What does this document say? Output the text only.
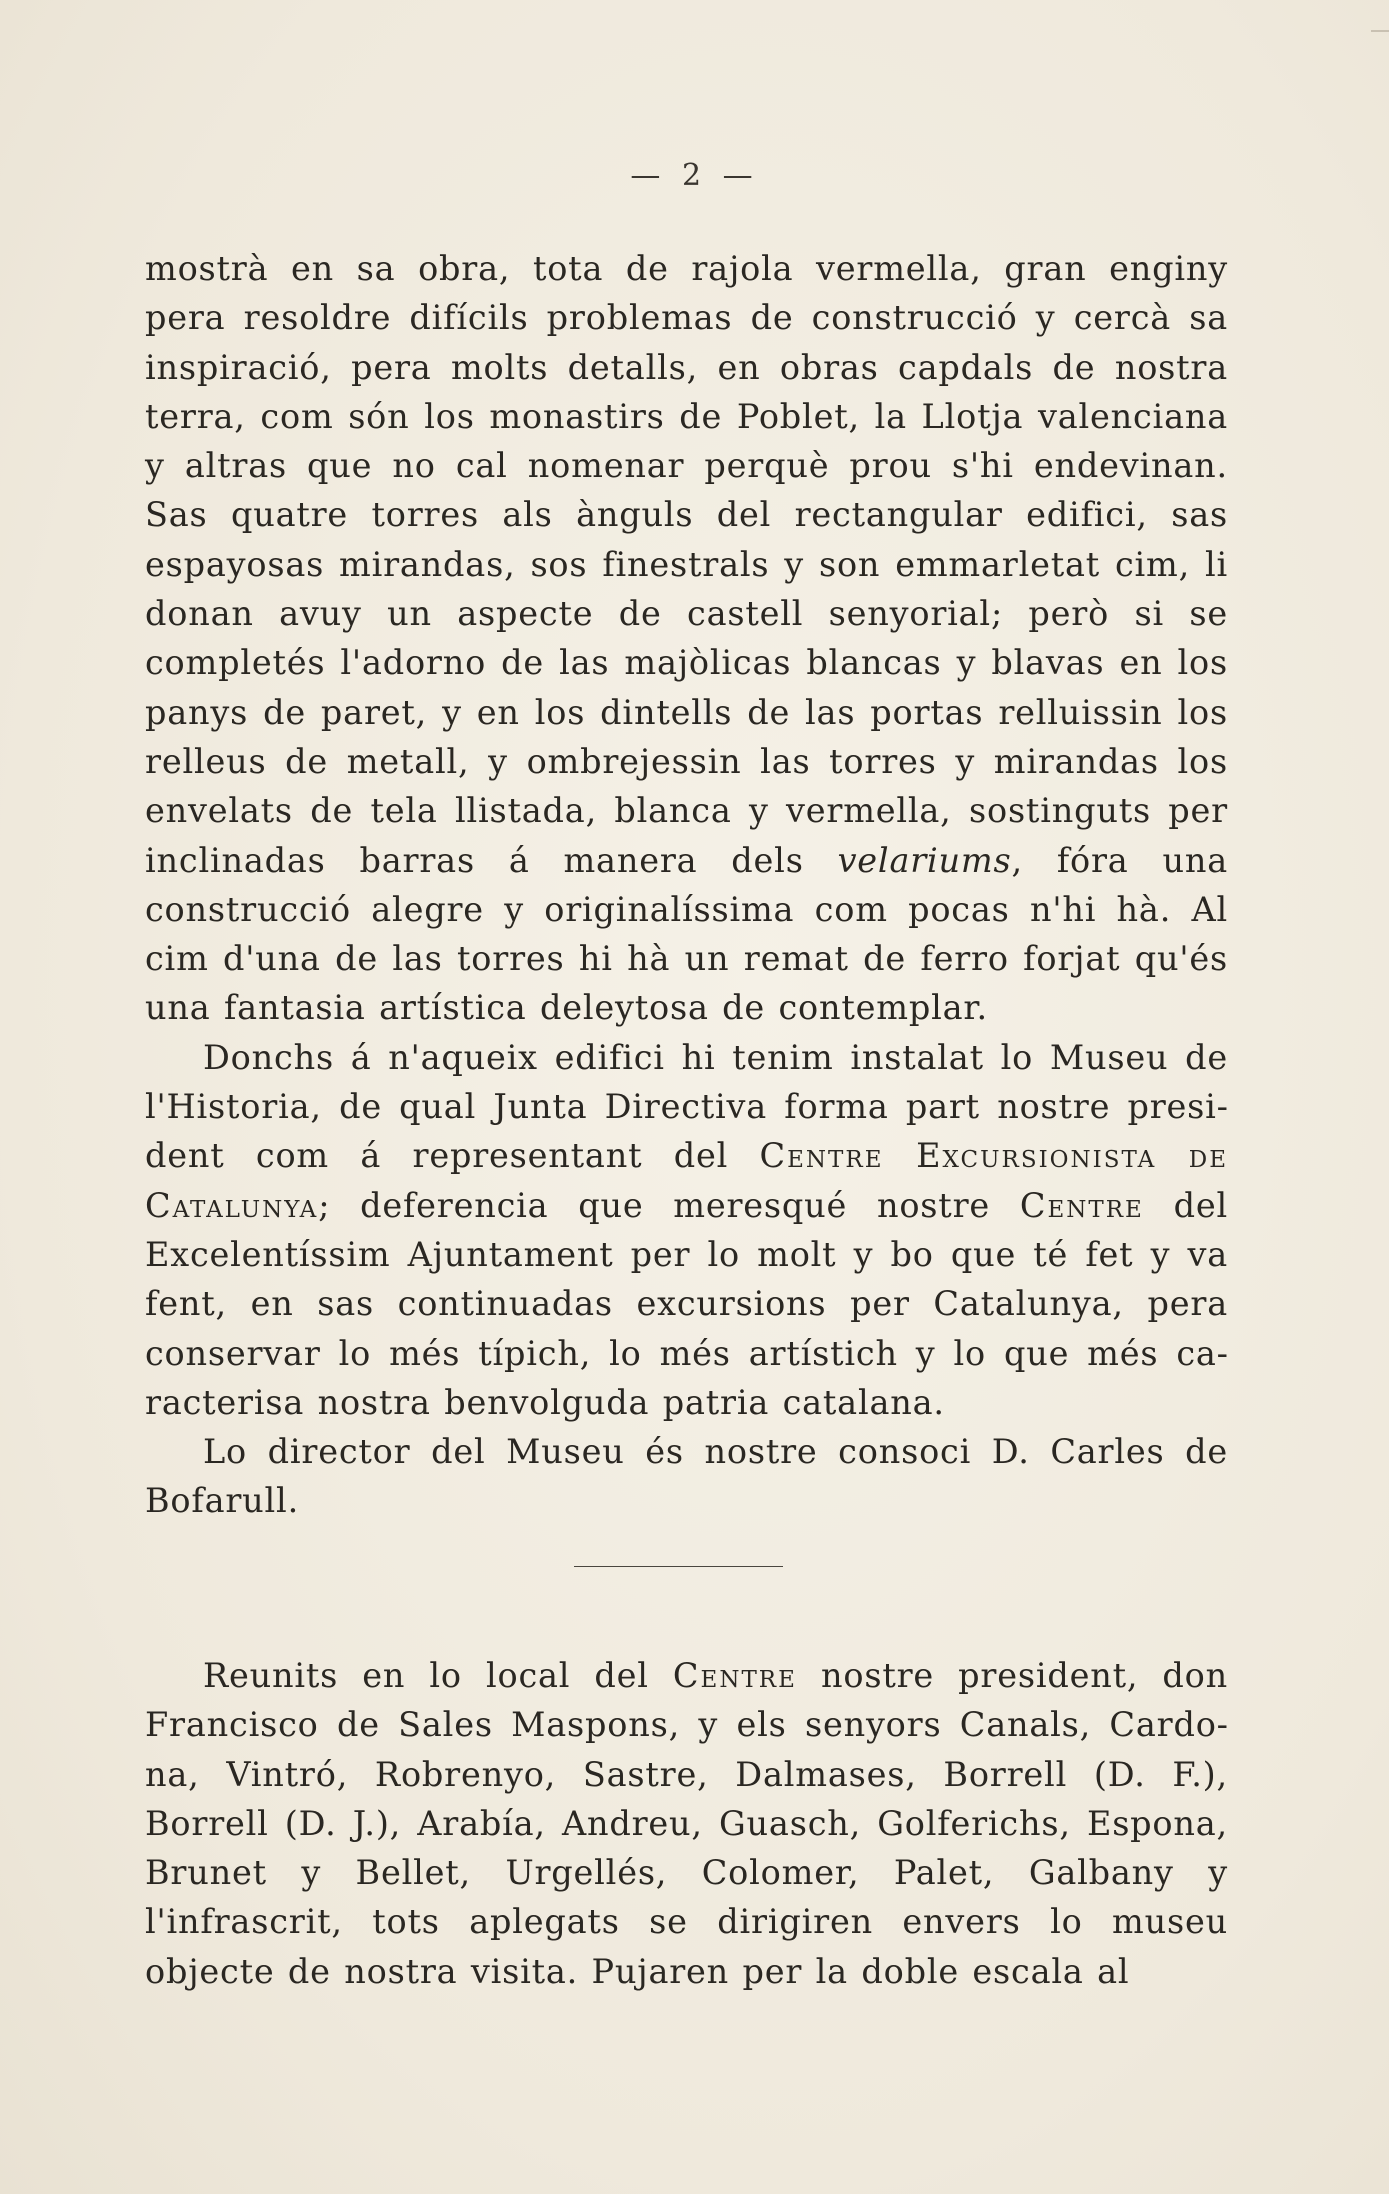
— 2 —

mostrà en sa obra, tota de rajola vermella, gran enginy pera resoldre difícils problemas de construcció y cercà sa inspiració, pera molts detalls, en obras capdals de nostra terra, com són los monastirs de Poblet, la Llotja valenciana y altras que no cal nomenar perquè prou s'hi endevinan. Sas quatre torres als ànguls del rectangular edifici, sas espayosas mirandas, sos finestrals y son emmarletat cim, li donan avuy un aspecte de castell senyorial; però si se completés l'adorno de las majòlicas blancas y blavas en los panys de paret, y en los dintells de las portas relluissin los relleus de metall, y ombrejessin las torres y mirandas los envelats de tela llistada, blanca y vermella, sostinguts per inclinadas barras á manera dels velariums, fóra una construcció alegre y originalíssima com pocas n'hi hà. Al cim d'una de las torres hi hà un remat de ferro forjat qu'és una fantasia artística deleytosa de contemplar.

Donchs á n'aqueix edifici hi tenim instalat lo Museu de l'Historia, de qual Junta Directiva forma part nostre president com á representant del Centre Excursionista de Catalunya; deferencia que meresqué nostre Centre del Excelentíssim Ajuntament per lo molt y bo que té fet y va fent, en sas continuadas excursions per Catalunya, pera conservar lo més típich, lo més artístich y lo que més caracterisa nostra benvolguda patria catalana.

Lo director del Museu és nostre consoci D. Carles de Bofarull.

Reunits en lo local del Centre nostre president, don Francisco de Sales Maspons, y els senyors Canals, Cardona, Vintró, Robrenyo, Sastre, Dalmases, Borrell (D. F.), Borrell (D. J.), Arabía, Andreu, Guasch, Golferichs, Espona, Brunet y Bellet, Urgellés, Colomer, Palet, Galbany y l'infrascrit, tots aplegats se dirigiren envers lo museu objecte de nostra visita. Pujaren per la doble escala al
